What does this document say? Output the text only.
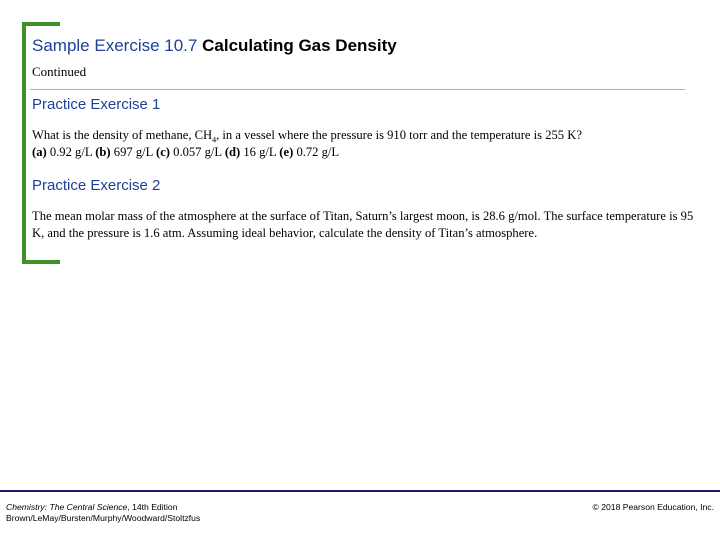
Sample Exercise 10.7 Calculating Gas Density
Continued
Practice Exercise 1
What is the density of methane, $CH_4$, in a vessel where the pressure is 910 torr and the temperature is 255 K?
(a) 0.92 g/L (b) 697 g/L (c) 0.057 g/L (d) 16 g/L (e) 0.72 g/L
Practice Exercise 2
The mean molar mass of the atmosphere at the surface of Titan, Saturn’s largest moon, is 28.6 g/mol. The surface temperature is 95 K, and the pressure is 1.6 atm. Assuming ideal behavior, calculate the density of Titan’s atmosphere.
Chemistry: The Central Science, 14th Edition
Brown/LeMay/Bursten/Murphy/Woodward/Stoltzfus
© 2018 Pearson Education, Inc.
